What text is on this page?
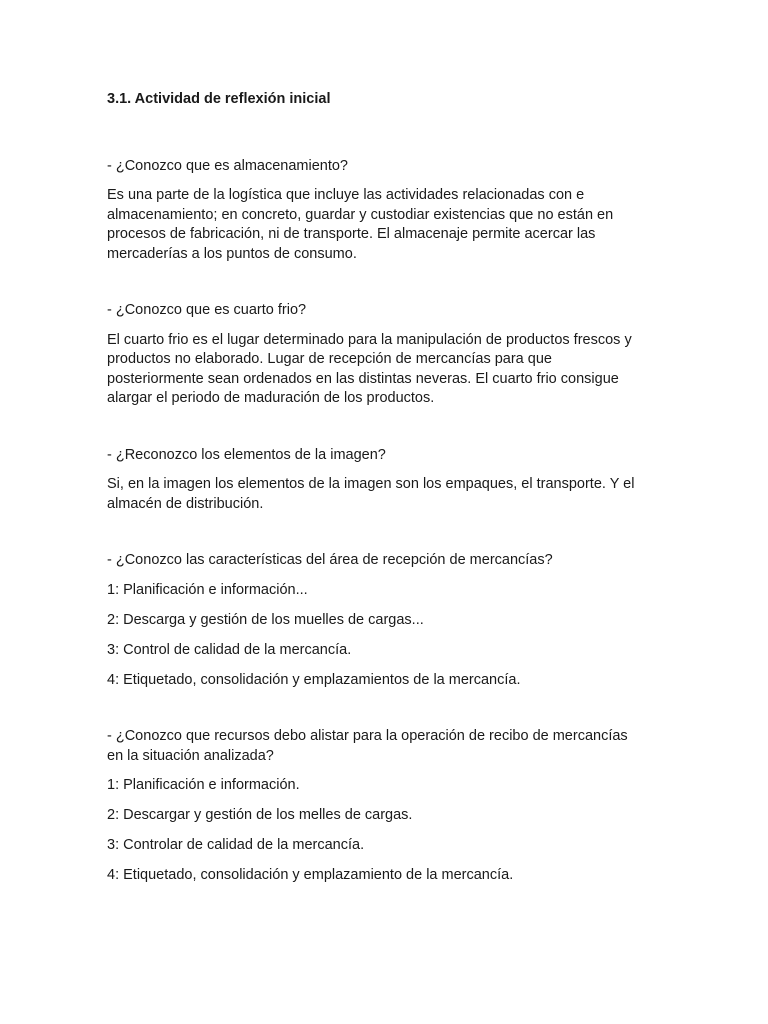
3.1. Actividad de reflexión inicial
- ¿Conozco que es almacenamiento?
Es una parte de la logística que incluye las actividades relacionadas con e
almacenamiento; en concreto, guardar y custodiar existencias que no están en
procesos de fabricación, ni de transporte. El almacenaje permite acercar las
mercaderías a los puntos de consumo.
- ¿Conozco que es cuarto frio?
El cuarto frio es el lugar determinado para la manipulación de productos frescos y
productos no elaborado. Lugar de recepción de mercancías para que
posteriormente sean ordenados en las distintas neveras. El cuarto frio consigue
alargar el periodo de maduración de los productos.
- ¿Reconozco los elementos de la imagen?
Si, en la imagen los elementos de la imagen son los empaques, el transporte. Y el
almacén de distribución.
- ¿Conozco las características del área de recepción de mercancías?
1: Planificación e información...
2: Descarga y gestión de los muelles de cargas...
3: Control de calidad de la mercancía.
4: Etiquetado, consolidación y emplazamientos de la mercancía.
- ¿Conozco que recursos debo alistar para la operación de recibo de mercancías
en la situación analizada?
1: Planificación e información.
2: Descargar y gestión de los melles de cargas.
3: Controlar de calidad de la mercancía.
4: Etiquetado, consolidación y emplazamiento de la mercancía.
